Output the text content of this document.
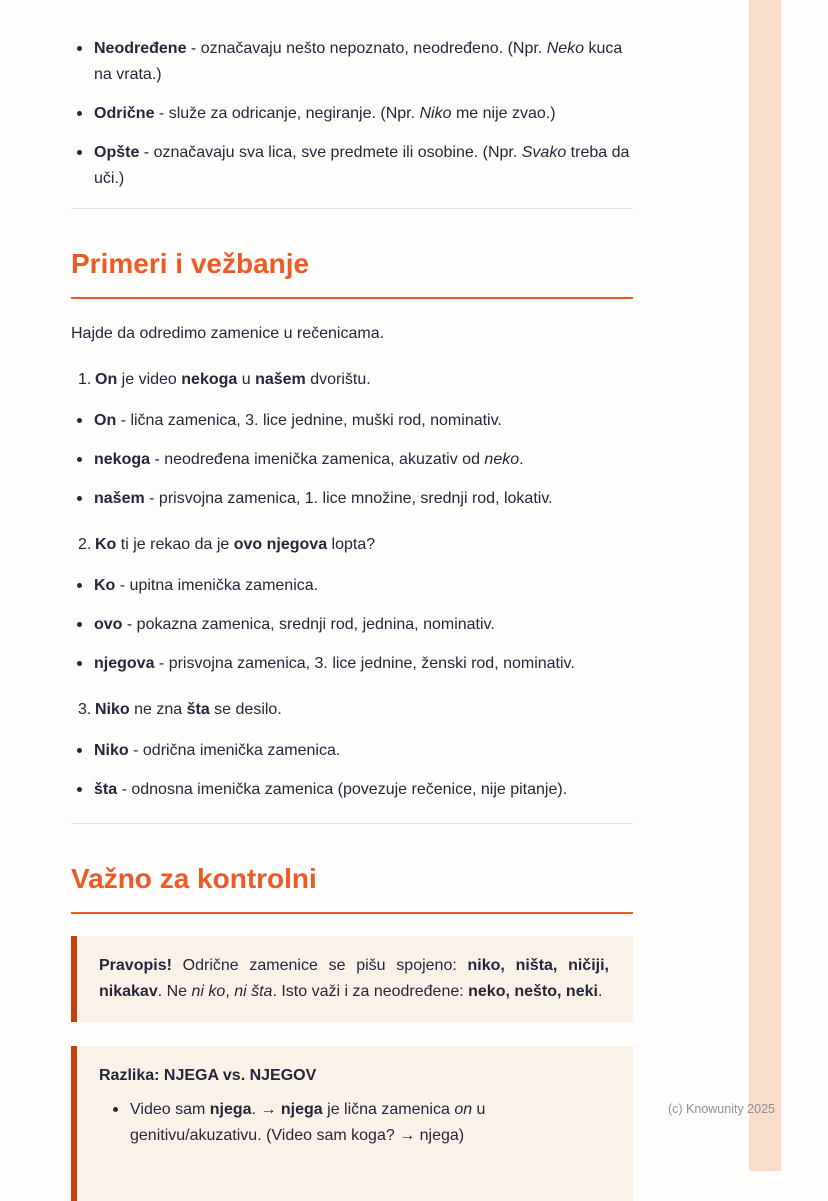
Neodređene - označavaju nešto nepoznato, neodređeno. (Npr. Neko kuca na vrata.)
Odrične - služe za odricanje, negiranje. (Npr. Niko me nije zvao.)
Opšte - označavaju sva lica, sve predmete ili osobine. (Npr. Svako treba da uči.)
Primeri i vežbanje

Hajde da odredimo zamenice u rečenicama.

1. On je video nekoga u našem dvorištu.
On - lična zamenica, 3. lice jednine, muški rod, nominativ.
nekoga - neodređena imenička zamenica, akuzativ od neko.
našem - prisvojna zamenica, 1. lice množine, srednji rod, lokativ.
2. Ko ti je rekao da je ovo njegova lopta?
Ko - upitna imenička zamenica.
ovo - pokazna zamenica, srednji rod, jednina, nominativ.
njegova - prisvojna zamenica, 3. lice jednine, ženski rod, nominativ.
3. Niko ne zna šta se desilo.
Niko - odrična imenička zamenica.
šta - odnosna imenička zamenica (povezuje rečenice, nije pitanje).
Važno za kontrolni

Pravopis! Odrične zamenice se pišu spojeno: niko, ništa, ničiji, nikakav. Ne ni ko, ni šta. Isto važi i za neodređene: neko, nešto, neki.

Razlika: NJEGA vs. NJEGOV

Video sam njega. → njega je lična zamenica on u genitivu/akuzativu. (Video sam koga? → njega)
(c) Knowunity 2025
